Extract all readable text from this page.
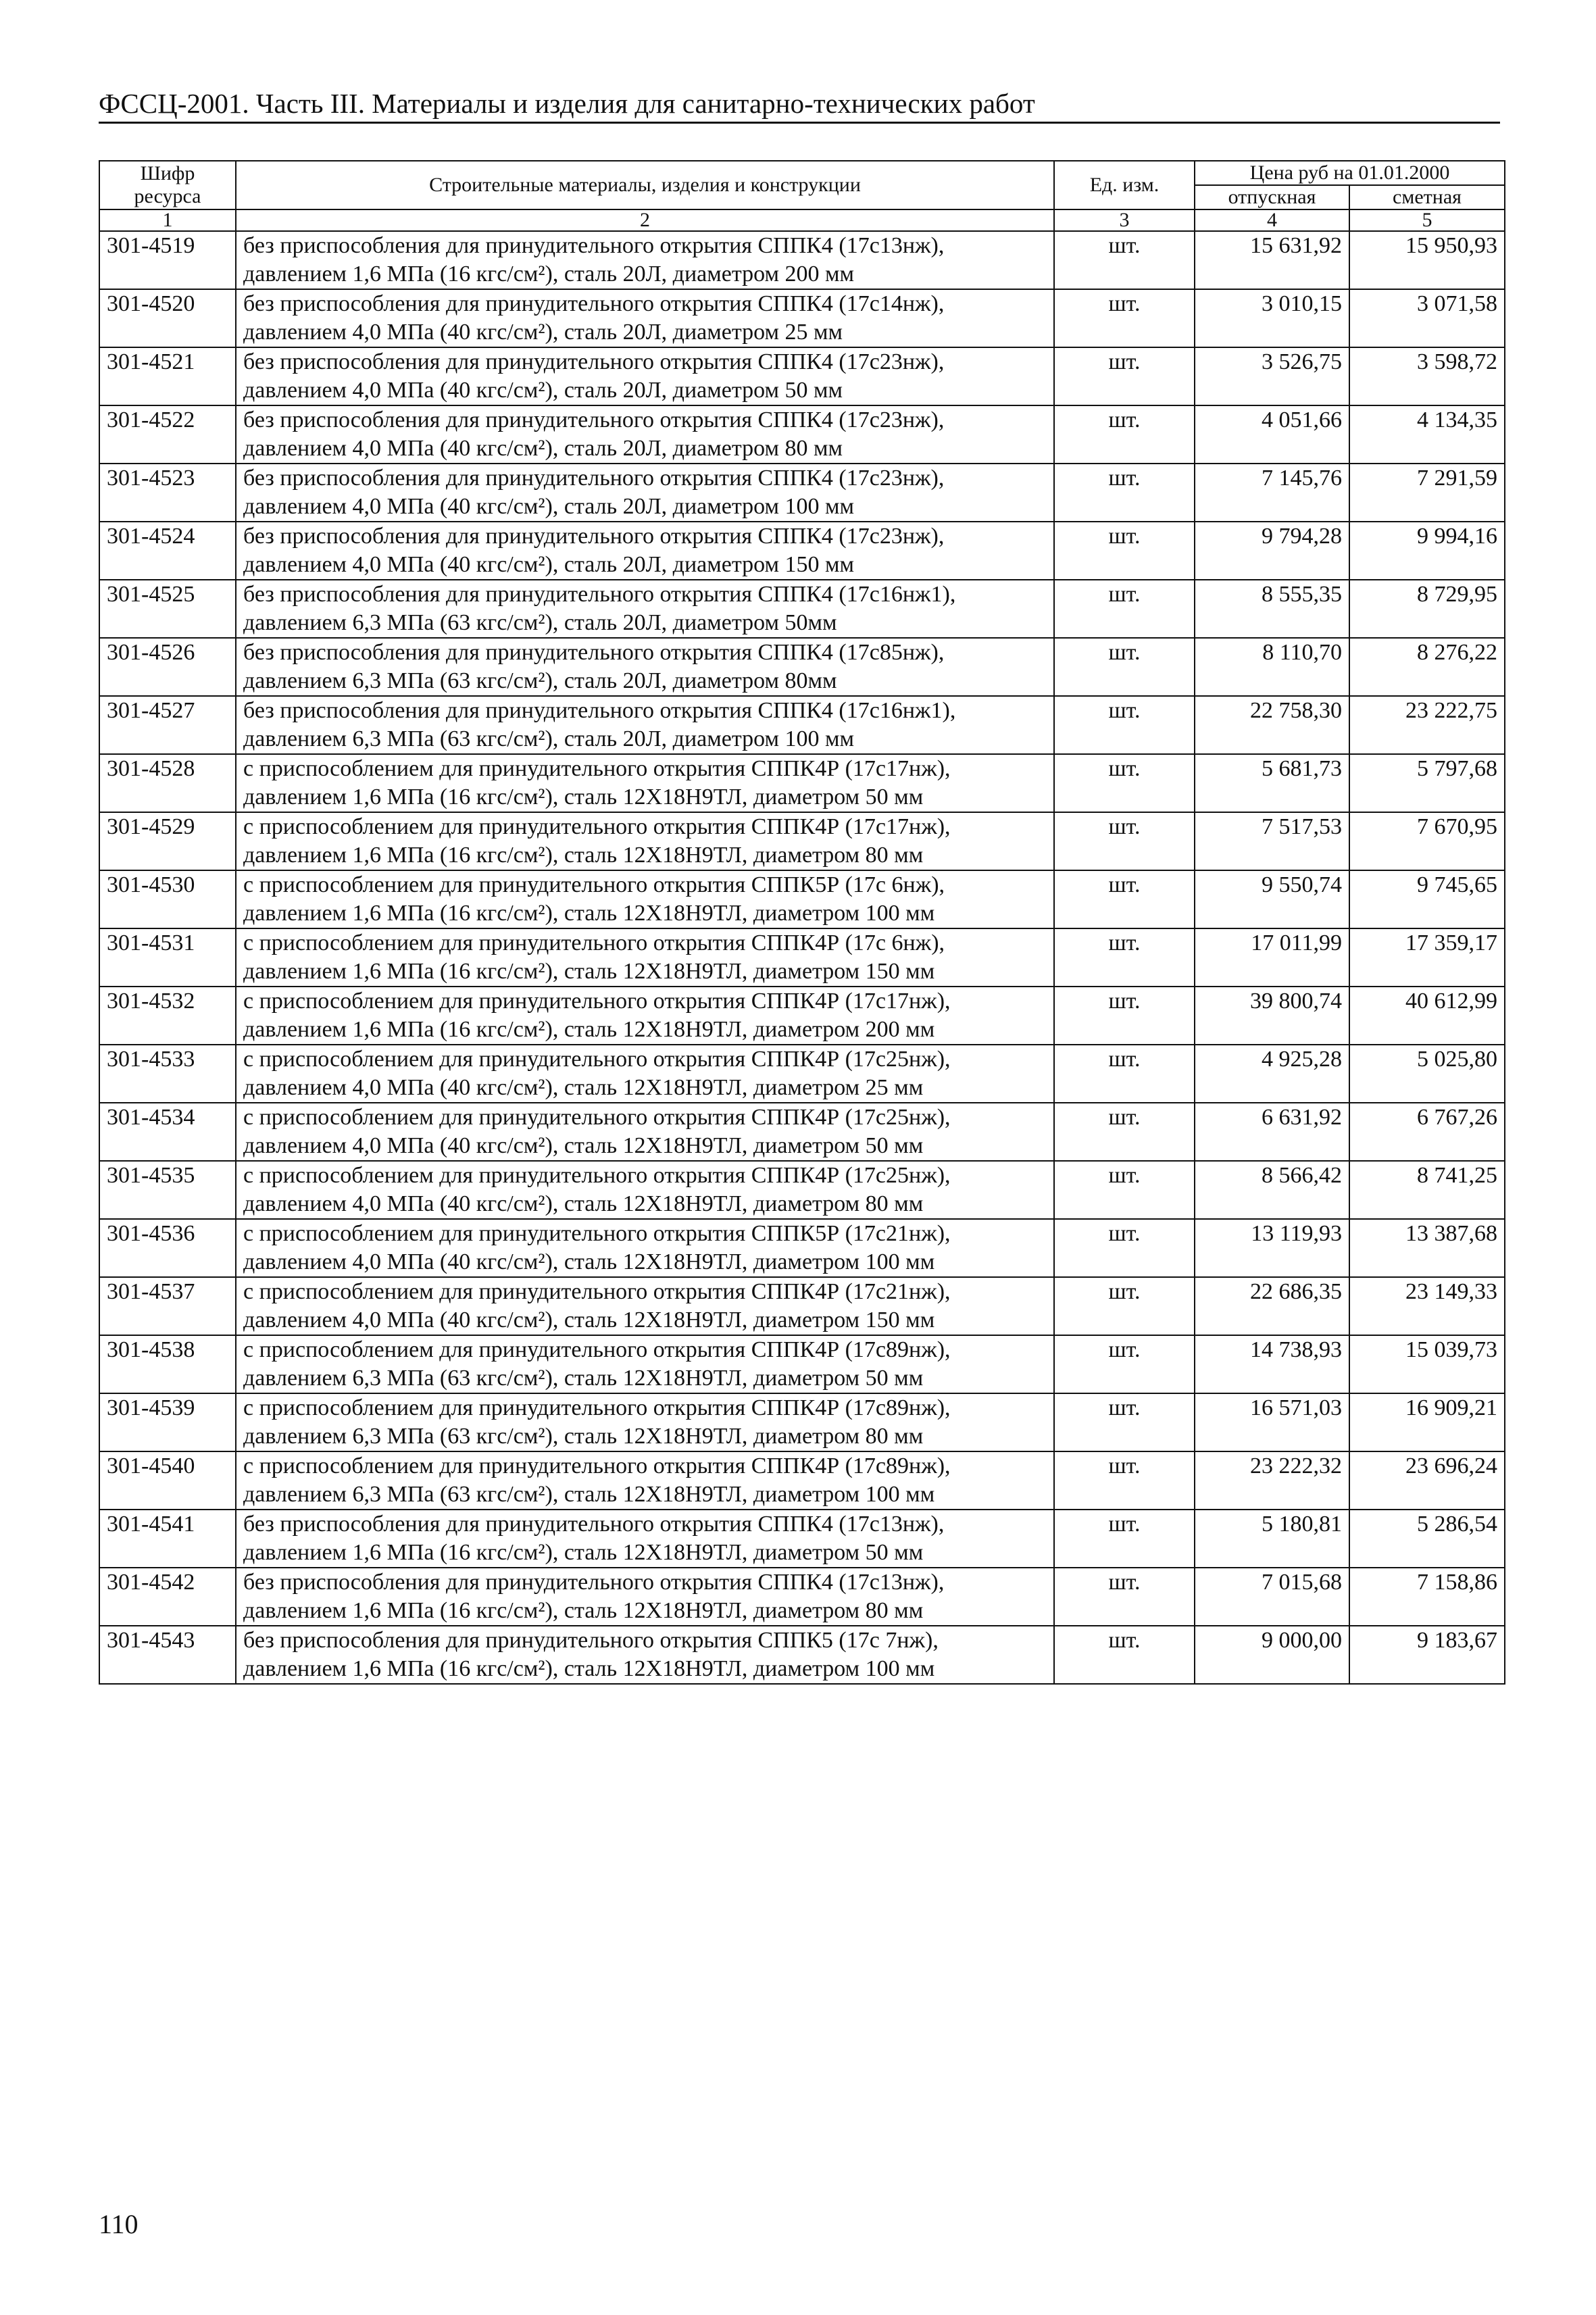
ФССЦ-2001. Часть III. Материалы и изделия для санитарно-технических работ
Шифр ресурса	Строительные материалы, изделия и конструкции	Ед. изм.	Цена руб на 01.01.2000	
			отпускная	сметная
1	2	3	4	5
301-4519	без приспособления для принудительного открытия СППК4 (17с13нж), давлением 1,6 МПа (16 кгс/см²), сталь 20Л, диаметром 200 мм	шт.	15 631,92	15 950,93
301-4520	без приспособления для принудительного открытия СППК4 (17с14нж), давлением 4,0 МПа (40 кгс/см²), сталь 20Л, диаметром 25 мм	шт.	3 010,15	3 071,58
301-4521	без приспособления для принудительного открытия СППК4 (17с23нж), давлением 4,0 МПа (40 кгс/см²), сталь 20Л, диаметром 50 мм	шт.	3 526,75	3 598,72
301-4522	без приспособления для принудительного открытия СППК4 (17с23нж), давлением 4,0 МПа (40 кгс/см²), сталь 20Л, диаметром 80 мм	шт.	4 051,66	4 134,35
301-4523	без приспособления для принудительного открытия СППК4 (17с23нж), давлением 4,0 МПа (40 кгс/см²), сталь 20Л, диаметром 100 мм	шт.	7 145,76	7 291,59
301-4524	без приспособления для принудительного открытия СППК4 (17с23нж), давлением 4,0 МПа (40 кгс/см²), сталь 20Л, диаметром 150 мм	шт.	9 794,28	9 994,16
301-4525	без приспособления для принудительного открытия СППК4 (17с16нж1), давлением 6,3 МПа (63 кгс/см²), сталь 20Л, диаметром 50мм	шт.	8 555,35	8 729,95
301-4526	без приспособления для принудительного открытия СППК4 (17с85нж), давлением 6,3 МПа (63 кгс/см²), сталь 20Л, диаметром 80мм	шт.	8 110,70	8 276,22
301-4527	без приспособления для принудительного открытия СППК4 (17с16нж1), давлением 6,3 МПа (63 кгс/см²), сталь 20Л, диаметром 100 мм	шт.	22 758,30	23 222,75
301-4528	с приспособлением для принудительного открытия СППК4Р (17с17нж), давлением 1,6 МПа (16 кгс/см²), сталь 12Х18Н9ТЛ, диаметром 50 мм	шт.	5 681,73	5 797,68
301-4529	с приспособлением для принудительного открытия СППК4Р (17с17нж), давлением 1,6 МПа (16 кгс/см²), сталь 12Х18Н9ТЛ, диаметром 80 мм	шт.	7 517,53	7 670,95
301-4530	с приспособлением для принудительного открытия СППК5Р (17с 6нж), давлением 1,6 МПа (16 кгс/см²), сталь 12Х18Н9ТЛ, диаметром 100 мм	шт.	9 550,74	9 745,65
301-4531	с приспособлением для принудительного открытия СППК4Р (17с 6нж), давлением 1,6 МПа (16 кгс/см²), сталь 12Х18Н9ТЛ, диаметром 150 мм	шт.	17 011,99	17 359,17
301-4532	с приспособлением для принудительного открытия СППК4Р (17с17нж), давлением 1,6 МПа (16 кгс/см²), сталь 12Х18Н9ТЛ, диаметром 200 мм	шт.	39 800,74	40 612,99
301-4533	с приспособлением для принудительного открытия СППК4Р (17с25нж), давлением 4,0 МПа (40 кгс/см²), сталь 12Х18Н9ТЛ, диаметром 25 мм	шт.	4 925,28	5 025,80
301-4534	с приспособлением для принудительного открытия СППК4Р (17с25нж), давлением 4,0 МПа (40 кгс/см²), сталь 12Х18Н9ТЛ, диаметром 50 мм	шт.	6 631,92	6 767,26
301-4535	с приспособлением для принудительного открытия СППК4Р (17с25нж), давлением 4,0 МПа (40 кгс/см²), сталь 12Х18Н9ТЛ, диаметром 80 мм	шт.	8 566,42	8 741,25
301-4536	с приспособлением для принудительного открытия СППК5Р (17с21нж), давлением 4,0 МПа (40 кгс/см²), сталь 12Х18Н9ТЛ, диаметром 100 мм	шт.	13 119,93	13 387,68
301-4537	с приспособлением для принудительного открытия СППК4Р (17с21нж), давлением 4,0 МПа (40 кгс/см²), сталь 12Х18Н9ТЛ, диаметром 150 мм	шт.	22 686,35	23 149,33
301-4538	с приспособлением для принудительного открытия СППК4Р (17с89нж), давлением 6,3 МПа (63 кгс/см²), сталь 12Х18Н9ТЛ, диаметром 50 мм	шт.	14 738,93	15 039,73
301-4539	с приспособлением для принудительного открытия СППК4Р (17с89нж), давлением 6,3 МПа (63 кгс/см²), сталь 12Х18Н9ТЛ, диаметром 80 мм	шт.	16 571,03	16 909,21
301-4540	с приспособлением для принудительного открытия СППК4Р (17с89нж), давлением 6,3 МПа (63 кгс/см²), сталь 12Х18Н9ТЛ, диаметром 100 мм	шт.	23 222,32	23 696,24
301-4541	без приспособления для принудительного открытия СППК4 (17с13нж), давлением 1,6 МПа (16 кгс/см²), сталь 12Х18Н9ТЛ, диаметром 50 мм	шт.	5 180,81	5 286,54
301-4542	без приспособления для принудительного открытия СППК4 (17с13нж), давлением 1,6 МПа (16 кгс/см²), сталь 12Х18Н9ТЛ, диаметром 80 мм	шт.	7 015,68	7 158,86
301-4543	без приспособления для принудительного открытия СППК5 (17с 7нж), давлением 1,6 МПа (16 кгс/см²), сталь 12Х18Н9ТЛ, диаметром 100 мм	шт.	9 000,00	9 183,67
110
